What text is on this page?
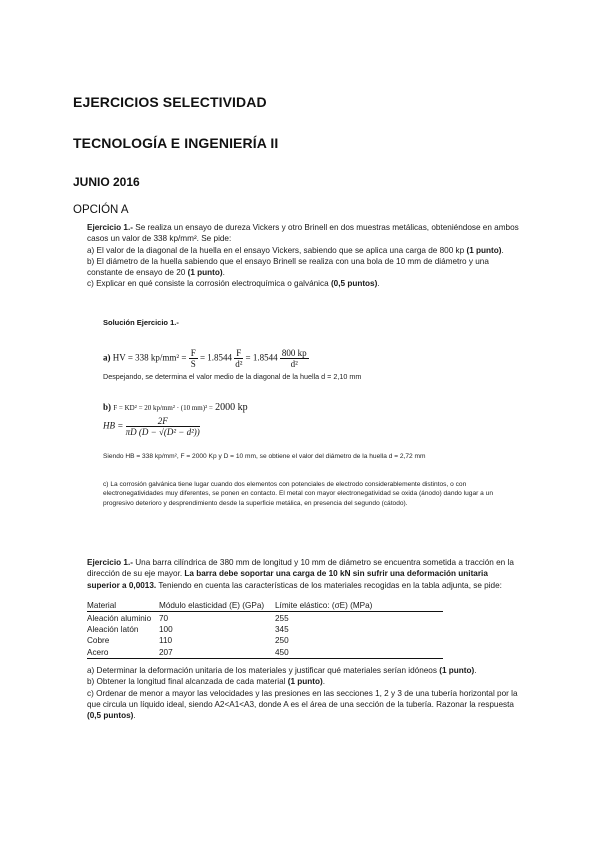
EJERCICIOS SELECTIVIDAD
TECNOLOGÍA E INGENIERÍA II
JUNIO 2016
OPCIÓN A

Ejercicio 1.- Se realiza un ensayo de dureza Vickers y otro Brinell en dos muestras metálicas, obteniéndose en ambos casos un valor de 338 kp/mm². Se pide:

a) El valor de la diagonal de la huella en el ensayo Vickers, sabiendo que se aplica una carga de 800 kp (1 punto).

b) El diámetro de la huella sabiendo que el ensayo Brinell se realiza con una bola de 10 mm de diámetro y una constante de ensayo de 20 (1 punto).

c) Explicar en qué consiste la corrosión electroquímica o galvánica (0,5 puntos).

Solución Ejercicio 1.-
a) HV = 338 $kp/mm^2 = \frac{F}{S} = 1.8544 \frac{F}{\text{d²}} = 1.8544 \frac{800 kp}{\text{d²}}$
Despejando, se determina el valor medio de la diagonal de la huella d = 2,10 mm
b) F = KD² = 20 kp/mm² · (10 mm)² = 2000 kp
HB = $\frac{2F}{\text{πD (D − √(D² − d²))}}$
Siendo HB = 338 kp/mm², F = 2000 Kp y D = 10 mm, se obtiene el valor del diámetro de la huella d = 2,72 mm
c) La corrosión galvánica tiene lugar cuando dos elementos con potenciales de electrodo considerablemente distintos, o con electronegatividades muy diferentes, se ponen en contacto. El metal con mayor electronegatividad se oxida (ánodo) dando lugar a un progresivo deterioro y desprendimiento desde la superficie metálica, en presencia del segundo (cátodo).
Ejercicio 1.- Una barra cilíndrica de 380 mm de longitud y 10 mm de diámetro se encuentra sometida a tracción en la dirección de su eje mayor. La barra debe soportar una carga de 10 kN sin sufrir una deformación unitaria superior a 0,0013. Teniendo en cuenta las características de los materiales recogidas en la tabla adjunta, se pide:
Material	Módulo elasticidad (E) (GPa)	Límite elástico: (σE) (MPa)
Aleación aluminio	70	255
Aleación latón	100	345
Cobre	110	250
Acero	207	450

a) Determinar la deformación unitaria de los materiales y justificar qué materiales serían idóneos (1 punto).

b) Obtener la longitud final alcanzada de cada material (1 punto).

c) Ordenar de menor a mayor las velocidades y las presiones en las secciones 1, 2 y 3 de una tubería horizontal por la que circula un líquido ideal, siendo A2<A1<A3, donde A es el área de una sección de la tubería. Razonar la respuesta (0,5 puntos).
